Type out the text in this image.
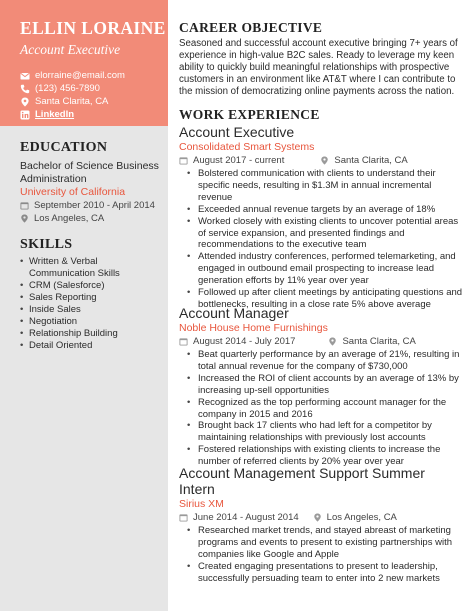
ELLIN LORAINE
Account Executive
elorraine@email.com
(123) 456-7890
Santa Clarita, CA
LinkedIn
EDUCATION
Bachelor of Science Business Administration
University of California
September 2010 - April 2014
Los Angeles, CA
SKILLS
• Written & Verbal Communication Skills
• CRM (Salesforce)
• Sales Reporting
• Inside Sales
• Negotiation
• Relationship Building
• Detail Oriented
CAREER OBJECTIVE
Seasoned and successful account executive bringing 7+ years of experience in high-value B2C sales. Ready to leverage my keen ability to quickly build meaningful relationships with prospective customers in an environment like AT&T where I can contribute to the mission of democratizing online payments across the nation.
WORK EXPERIENCE
Account Executive
Consolidated Smart Systems
August 2017 - current	Santa Clarita, CA
• Bolstered communication with clients to understand their specific needs, resulting in $1.3M in annual incremental revenue
• Exceeded annual revenue targets by an average of 18%
• Worked closely with existing clients to uncover potential areas of service expansion, and presented findings and recommendations to the executive team
• Attended industry conferences, performed telemarketing, and engaged in outbound email prospecting to increase lead generation efforts by 11% year over year
• Followed up after client meetings by anticipating questions and bottlenecks, resulting in a close rate 5% above average
Account Manager
Noble House Home Furnishings
August 2014 - July 2017	Santa Clarita, CA
• Beat quarterly performance by an average of 21%, resulting in total annual revenue for the company of $730,000
• Increased the ROI of client accounts by an average of 13% by increasing up-sell opportunities
• Recognized as the top performing account manager for the company in 2015 and 2016
• Brought back 17 clients who had left for a competitor by maintaining relationships with previously lost accounts
• Fostered relationships with existing clients to increase the number of referred clients by 20% year over year
Account Management Support Summer Intern
Sirius XM
June 2014 - August 2014	Los Angeles, CA
• Researched market trends, and stayed abreast of marketing programs and events to present to existing partnerships with companies like Google and Apple
• Created engaging presentations to present to leadership, successfully persuading team to enter into 2 new markets
